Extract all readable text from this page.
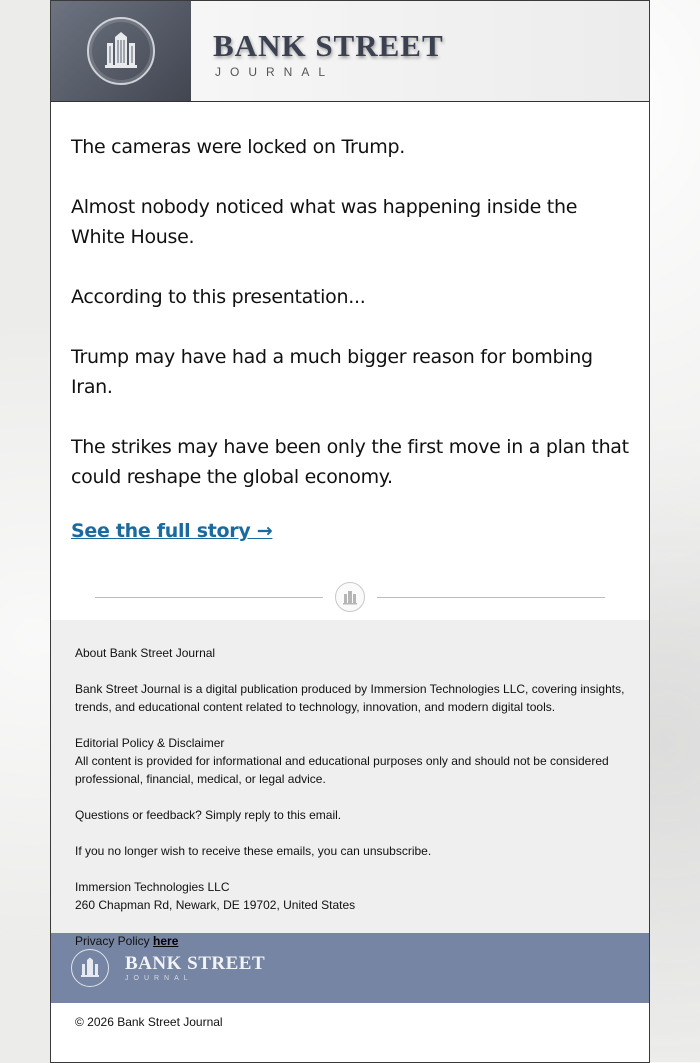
BANK STREET
JOURNAL

The cameras were locked on Trump.

Almost nobody noticed what was happening inside the White House.

According to this presentation...

Trump may have had a much bigger reason for bombing Iran.

The strikes may have been only the first move in a plan that could reshape the global economy.

See the full story →

About Bank Street Journal

Bank Street Journal is a digital publication produced by Immersion Technologies LLC, covering insights, trends, and educational content related to technology, innovation, and modern digital tools.

Editorial Policy & Disclaimer
All content is provided for informational and educational purposes only and should not be considered professional, financial, medical, or legal advice.

Questions or feedback? Simply reply to this email.

If you no longer wish to receive these emails, you can unsubscribe.

Immersion Technologies LLC
260 Chapman Rd, Newark, DE 19702, United States

Privacy Policy here

BANK STREET
JOURNAL
© 2026 Bank Street Journal
